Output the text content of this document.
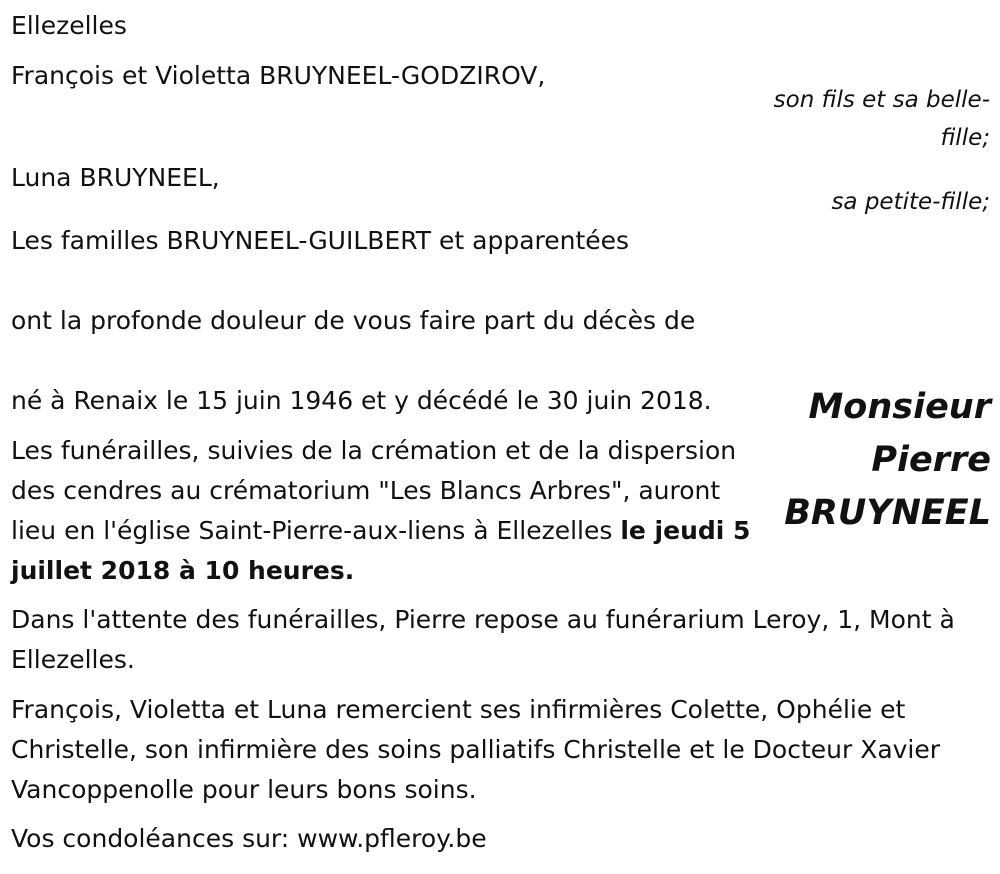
Ellezelles

François et Violetta BRUYNEEL-GODZIROV,

son fils et sa belle-fille;

Luna BRUYNEEL,

sa petite-fille;

Les familles BRUYNEEL-GUILBERT et apparentées

ont la profonde douleur de vous faire part du décès de

né à Renaix le 15 juin 1946 et y décédé le 30 juin 2018.	Monsieur
Pierre
BRUYNEEL

Les funérailles, suivies de la crémation et de la dispersion des cendres au crématorium "Les Blancs Arbres", auront lieu en l'église Saint-Pierre-aux-liens à Ellezelles le jeudi 5 juillet 2018 à 10 heures.

Dans l'attente des funérailles, Pierre repose au funérarium Leroy, 1, Mont à Ellezelles.

François, Violetta et Luna remercient ses infirmières Colette, Ophélie et Christelle, son infirmière des soins palliatifs Christelle et le Docteur Xavier Vancoppenolle pour leurs bons soins.

Vos condoléances sur: www.pfleroy.be
